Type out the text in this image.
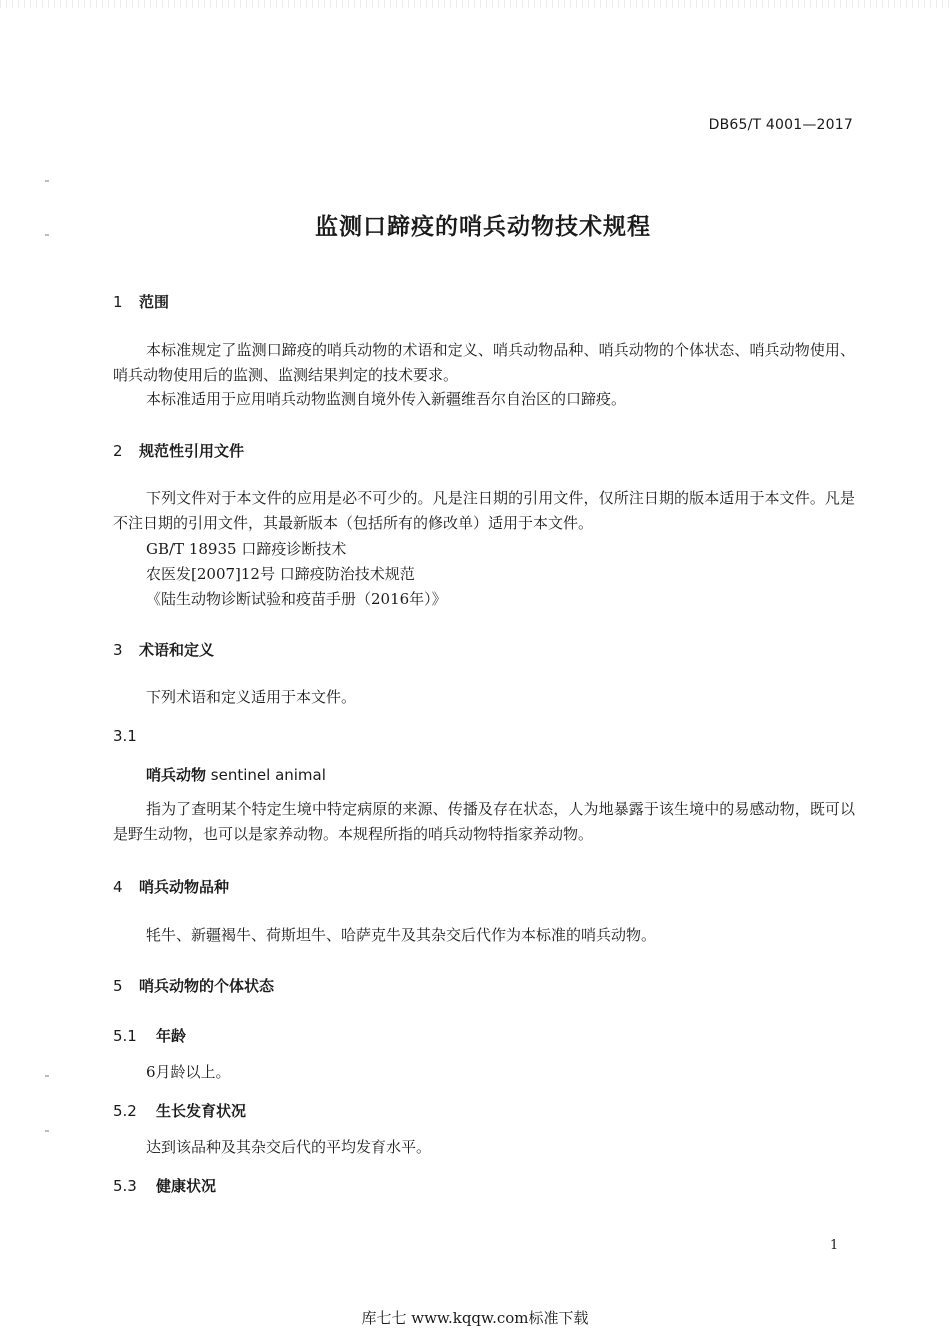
DB65/T 4001—2017
监测口蹄疫的哨兵动物技术规程
1 范围
本标准规定了监测口蹄疫的哨兵动物的术语和定义、哨兵动物品种、哨兵动物的个体状态、哨兵动物使用、哨兵动物使用后的监测、监测结果判定的技术要求。
本标准适用于应用哨兵动物监测自境外传入新疆维吾尔自治区的口蹄疫。
2 规范性引用文件
下列文件对于本文件的应用是必不可少的。凡是注日期的引用文件，仅所注日期的版本适用于本文件。凡是不注日期的引用文件，其最新版本（包括所有的修改单）适用于本文件。
GB/T 18935 口蹄疫诊断技术
农医发[2007]12号 口蹄疫防治技术规范
《陆生动物诊断试验和疫苗手册（2016年）》
3 术语和定义
下列术语和定义适用于本文件。
3.1
哨兵动物 sentinel animal
指为了查明某个特定生境中特定病原的来源、传播及存在状态，人为地暴露于该生境中的易感动物，既可以是野生动物，也可以是家养动物。本规程所指的哨兵动物特指家养动物。
4 哨兵动物品种
牦牛、新疆褐牛、荷斯坦牛、哈萨克牛及其杂交后代作为本标准的哨兵动物。
5 哨兵动物的个体状态
5.1 年龄
6月龄以上。
5.2 生长发育状况
达到该品种及其杂交后代的平均发育水平。
5.3 健康状况
1
库七七 www.kqqw.com标准下载
